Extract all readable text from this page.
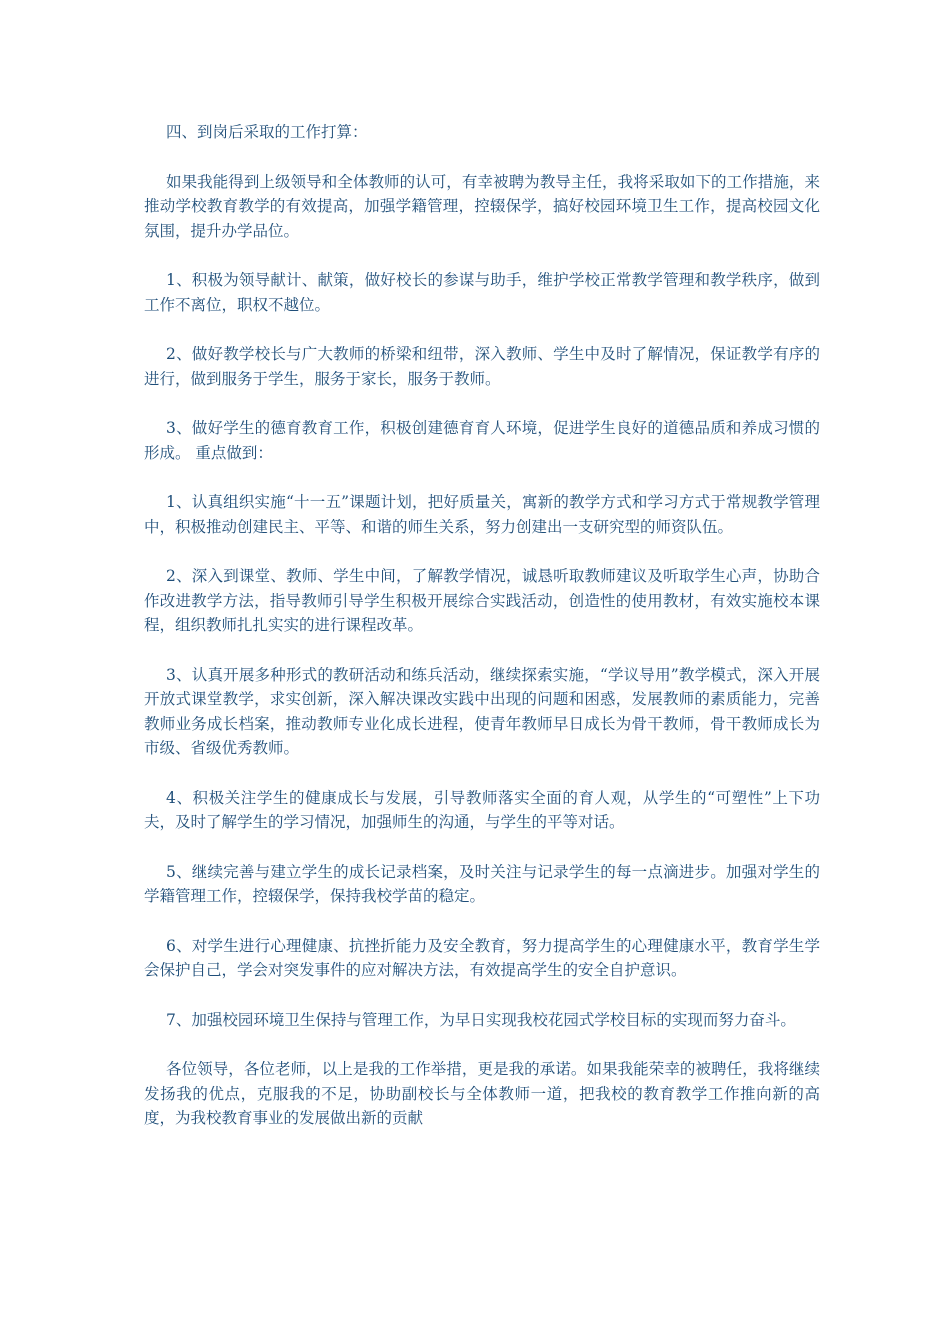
四、到岗后采取的工作打算：

如果我能得到上级领导和全体教师的认可，有幸被聘为教导主任，我将采取如下的工作措施，来推动学校教育教学的有效提高，加强学籍管理，控辍保学，搞好校园环境卫生工作，提高校园文化氛围，提升办学品位。

1、积极为领导献计、献策，做好校长的参谋与助手，维护学校正常教学管理和教学秩序，做到工作不离位，职权不越位。

2、做好教学校长与广大教师的桥梁和纽带，深入教师、学生中及时了解情况，保证教学有序的进行，做到服务于学生，服务于家长，服务于教师。

3、做好学生的德育教育工作，积极创建德育育人环境，促进学生良好的道德品质和养成习惯的形成。 重点做到：

1、认真组织实施“十一五”课题计划，把好质量关，寓新的教学方式和学习方式于常规教学管理中，积极推动创建民主、平等、和谐的师生关系，努力创建出一支研究型的师资队伍。

2、深入到课堂、教师、学生中间，了解教学情况，诚恳听取教师建议及听取学生心声，协助合作改进教学方法，指导教师引导学生积极开展综合实践活动，创造性的使用教材，有效实施校本课程，组织教师扎扎实实的进行课程改革。

3、认真开展多种形式的教研活动和练兵活动，继续探索实施，“学议导用”教学模式，深入开展开放式课堂教学，求实创新，深入解决课改实践中出现的问题和困惑，发展教师的素质能力，完善教师业务成长档案，推动教师专业化成长进程，使青年教师早日成长为骨干教师，骨干教师成长为市级、省级优秀教师。

4、积极关注学生的健康成长与发展，引导教师落实全面的育人观，从学生的“可塑性”上下功夫，及时了解学生的学习情况，加强师生的沟通，与学生的平等对话。

5、继续完善与建立学生的成长记录档案，及时关注与记录学生的每一点滴进步。加强对学生的学籍管理工作，控辍保学，保持我校学苗的稳定。

6、对学生进行心理健康、抗挫折能力及安全教育，努力提高学生的心理健康水平，教育学生学会保护自己，学会对突发事件的应对解决方法，有效提高学生的安全自护意识。

7、加强校园环境卫生保持与管理工作，为早日实现我校花园式学校目标的实现而努力奋斗。

各位领导，各位老师，以上是我的工作举措，更是我的承诺。如果我能荣幸的被聘任，我将继续发扬我的优点，克服我的不足，协助副校长与全体教师一道，把我校的教育教学工作推向新的高度，为我校教育事业的发展做出新的贡献
